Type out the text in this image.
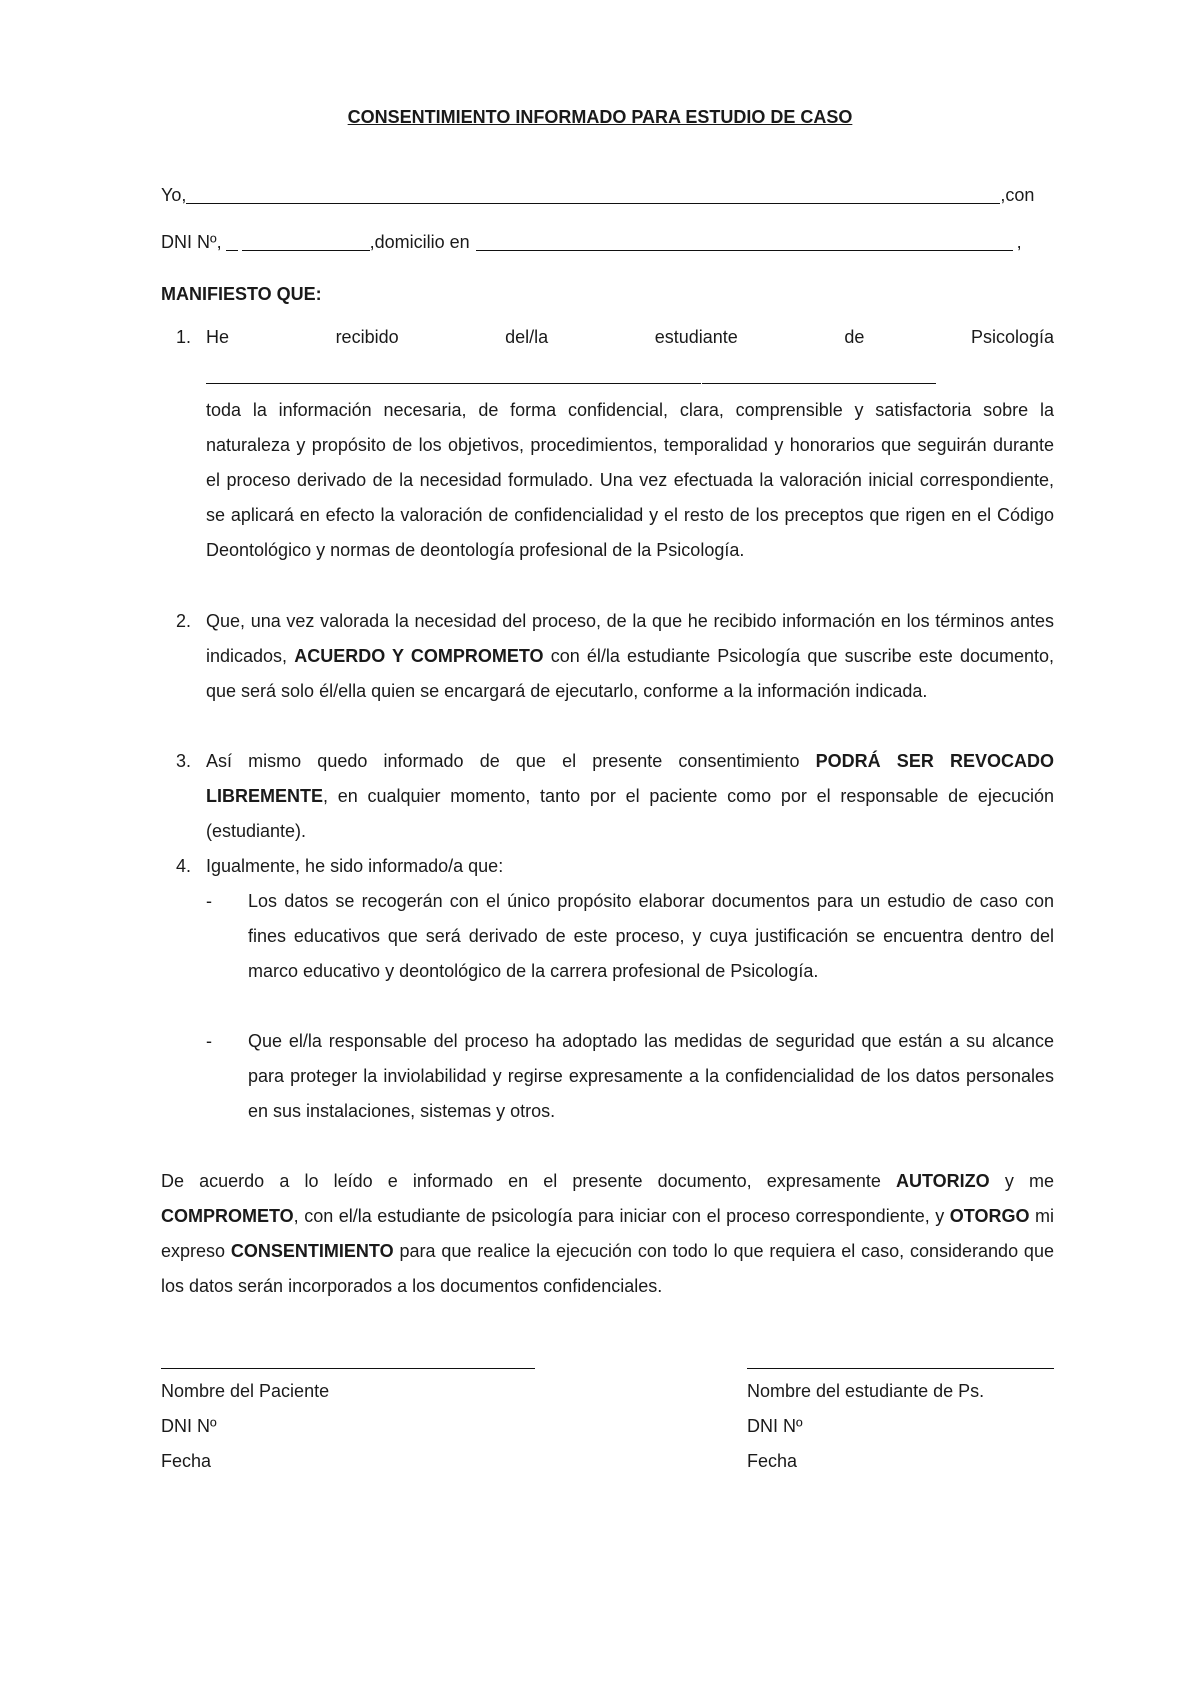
CONSENTIMIENTO INFORMADO PARA ESTUDIO DE CASO
Yo,	,con
DNI Nº,	,domicilio en	,
MANIFIESTO QUE:
1. He	recibido	del/la	estudiante	de	Psicología

toda la información necesaria, de forma confidencial, clara, comprensible y satisfactoria sobre la naturaleza y propósito de los objetivos, procedimientos, temporalidad y honorarios que seguirán durante el proceso derivado de la necesidad formulado. Una vez efectuada la valoración inicial correspondiente, se aplicará en efecto la valoración de confidencialidad y el resto de los preceptos que rigen en el Código Deontológico y normas de deontología profesional de la Psicología.

2. Que, una vez valorada la necesidad del proceso, de la que he recibido información en los términos antes indicados, ACUERDO Y COMPROMETO con él/la estudiante Psicología que suscribe este documento, que será solo él/ella quien se encargará de ejecutarlo, conforme a la información indicada.

3. Así mismo quedo informado de que el presente consentimiento PODRÁ SER REVOCADO LIBREMENTE, en cualquier momento, tanto por el paciente como por el responsable de ejecución (estudiante).

4. Igualmente, he sido informado/a que:

- Los datos se recogerán con el único propósito elaborar documentos para un estudio de caso con fines educativos que será derivado de este proceso, y cuya justificación se encuentra dentro del marco educativo y deontológico de la carrera profesional de Psicología.

- Que el/la responsable del proceso ha adoptado las medidas de seguridad que están a su alcance para proteger la inviolabilidad y regirse expresamente a la confidencialidad de los datos personales en sus instalaciones, sistemas y otros.

De acuerdo a lo leído e informado en el presente documento, expresamente AUTORIZO y me COMPROMETO, con el/la estudiante de psicología para iniciar con el proceso correspondiente, y OTORGO mi expreso CONSENTIMIENTO para que realice la ejecución con todo lo que requiera el caso, considerando que los datos serán incorporados a los documentos confidenciales.

Nombre del Paciente
DNI Nº
Fecha
Nombre del estudiante de Ps.
DNI Nº
Fecha
